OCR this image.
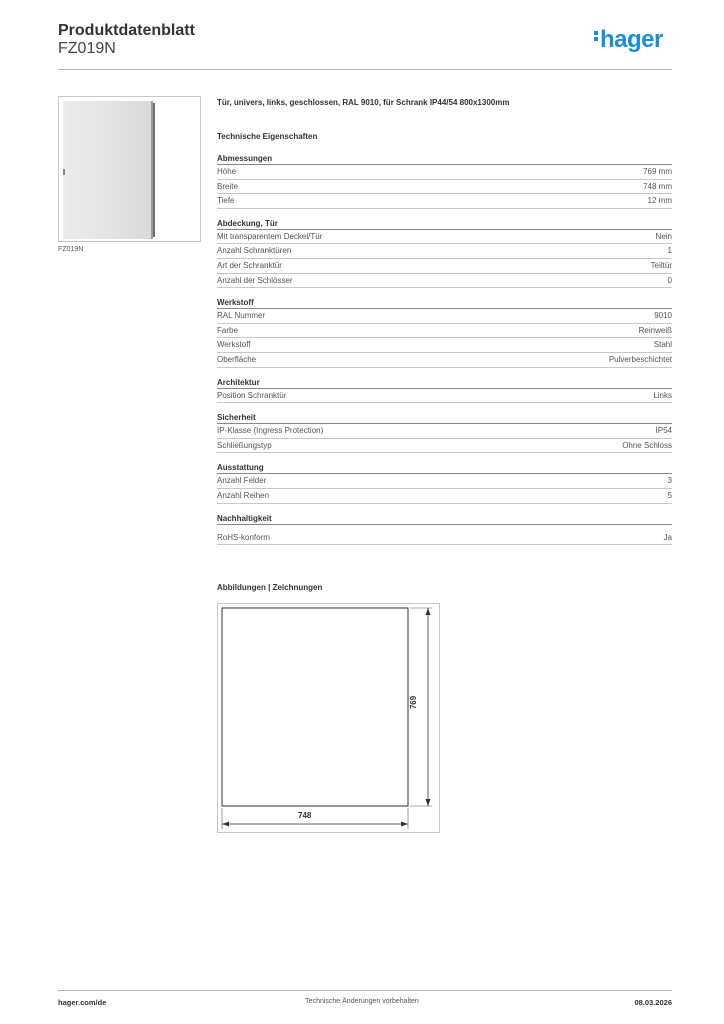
Produktdatenblatt
FZ019N	hager
FZ019N
Tür, univers, links, geschlossen, RAL 9010, für Schrank IP44/54 800x1300mm
Technische Eigenschaften
Abmessungen
Höhe	769 mm
Breite	748 mm
Tiefe	12 mm
Abdeckung, Tür
Mit transparentem Deckel/Tür	Nein
Anzahl Schranktüren	1
Art der Schranktür	Teiltür
Anzahl der Schlösser	0
Werkstoff
RAL Nummer	9010
Farbe	Reinweiß
Werkstoff	Stahl
Oberfläche	Pulverbeschichtet
Architektur
Position Schranktür	Links
Sicherheit
IP-Klasse (Ingress Protection)	IP54
Schließungstyp	Ohne Schloss
Ausstattung
Anzahl Felder	3
Anzahl Reihen	5
Nachhaltigkeit
RoHS-konform	Ja
Abbildungen | Zeichnungen
748
769
hager.com/de	Technische Änderungen vorbehalten	08.03.2026
